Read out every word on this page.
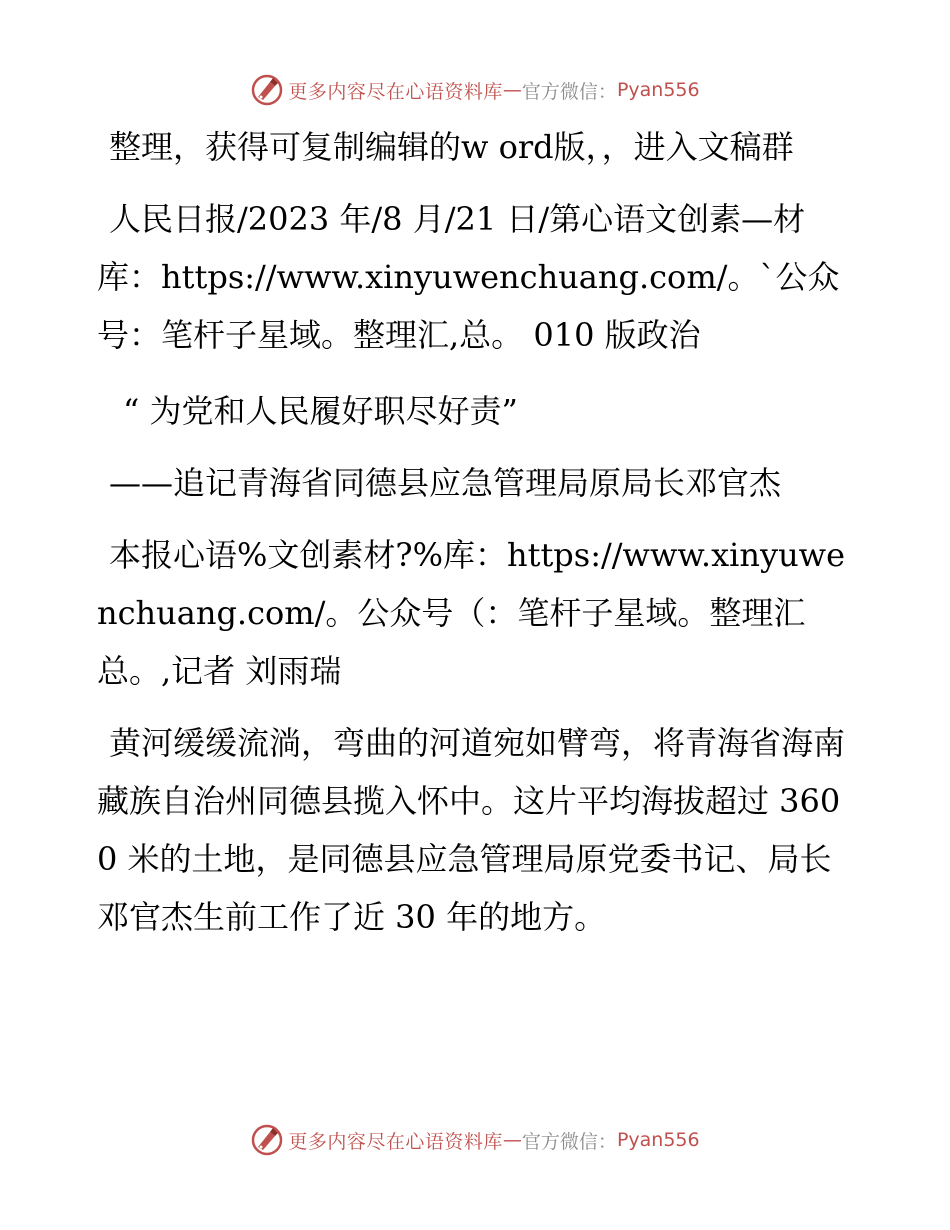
更多内容尽在心语资料库 — 官方微信： Pyan556

整理，获得可复制编辑的w ord版，，进入文稿群

人民日报/2023 年/8 月/21 日/第心语文创素—材库：https://www.xinyuwenchuang.com/。`公众号：笔杆子星域。整理汇,总。 010 版政治

“ 为党和人民履好职尽好责”

——追记青海省同德县应急管理局原局长邓官杰

本报心语%文创素材?%库：https://www.xinyuwenchuang.com/。公众号（：笔杆子星域。整理汇总。,记者 刘雨瑞

黄河缓缓流淌，弯曲的河道宛如臂弯，将青海省海南藏族自治州同德县揽入怀中。这片平均海拔超过 3600 米的土地，是同德县应急管理局原党委书记、局长邓官杰生前工作了近 30 年的地方。

更多内容尽在心语资料库 — 官方微信： Pyan556
